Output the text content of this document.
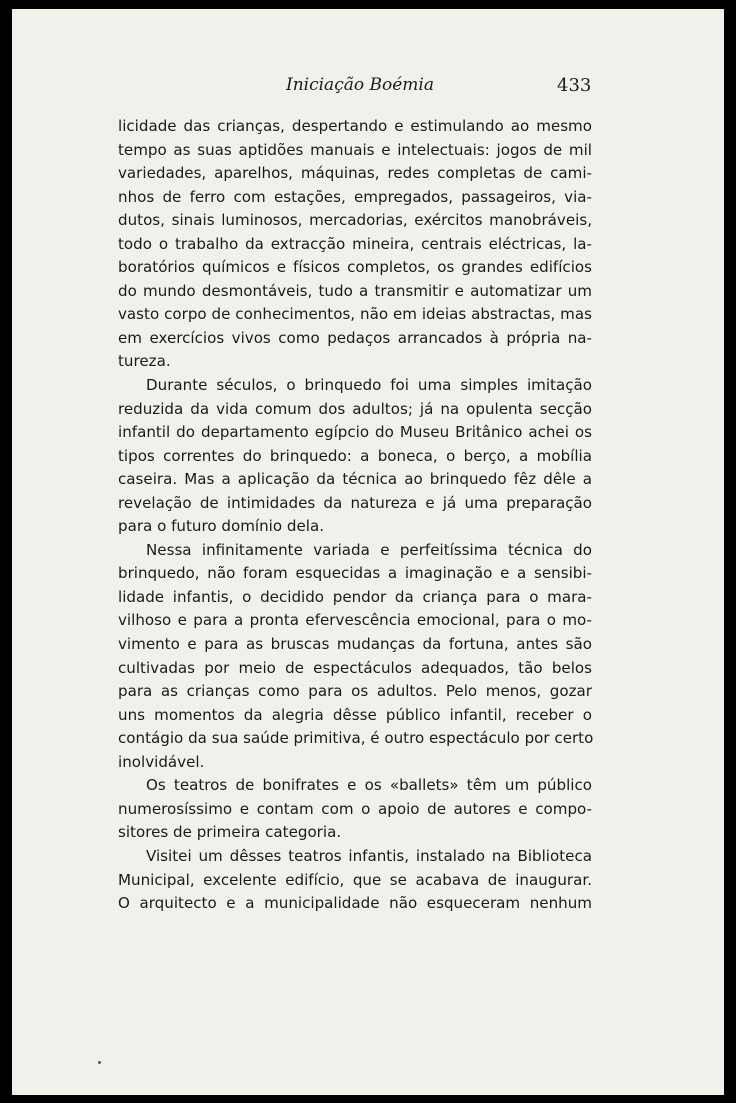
Iniciação Boémia	433
licidade das crianças, despertando e estimulando ao mesmo
tempo as suas aptidões manuais e intelectuais: jogos de mil
variedades, aparelhos, máquinas, redes completas de cami-
nhos de ferro com estações, empregados, passageiros, via-
dutos, sinais luminosos, mercadorias, exércitos manobráveis,
todo o trabalho da extracção mineira, centrais eléctricas, la-
boratórios químicos e físicos completos, os grandes edifícios
do mundo desmontáveis, tudo a transmitir e automatizar um
vasto corpo de conhecimentos, não em ideias abstractas, mas
em exercícios vivos como pedaços arrancados à própria na-
tureza.
Durante séculos, o brinquedo foi uma simples imitação
reduzida da vida comum dos adultos; já na opulenta secção
infantil do departamento egípcio do Museu Britânico achei os
tipos correntes do brinquedo: a boneca, o berço, a mobília
caseira. Mas a aplicação da técnica ao brinquedo fêz dêle a
revelação de intimidades da natureza e já uma preparação
para o futuro domínio dela.
Nessa infinitamente variada e perfeitíssima técnica do
brinquedo, não foram esquecidas a imaginação e a sensibi-
lidade infantis, o decidido pendor da criança para o mara-
vilhoso e para a pronta efervescência emocional, para o mo-
vimento e para as bruscas mudanças da fortuna, antes são
cultivadas por meio de espectáculos adequados, tão belos
para as crianças como para os adultos. Pelo menos, gozar
uns momentos da alegria dêsse público infantil, receber o
contágio da sua saúde primitiva, é outro espectáculo por certo
inolvidável.
Os teatros de bonifrates e os «ballets» têm um público
numerosíssimo e contam com o apoio de autores e compo-
sitores de primeira categoria.
Visitei um dêsses teatros infantis, instalado na Biblioteca
Municipal, excelente edifício, que se acabava de inaugurar.
O arquitecto e a municipalidade não esqueceram nenhum
